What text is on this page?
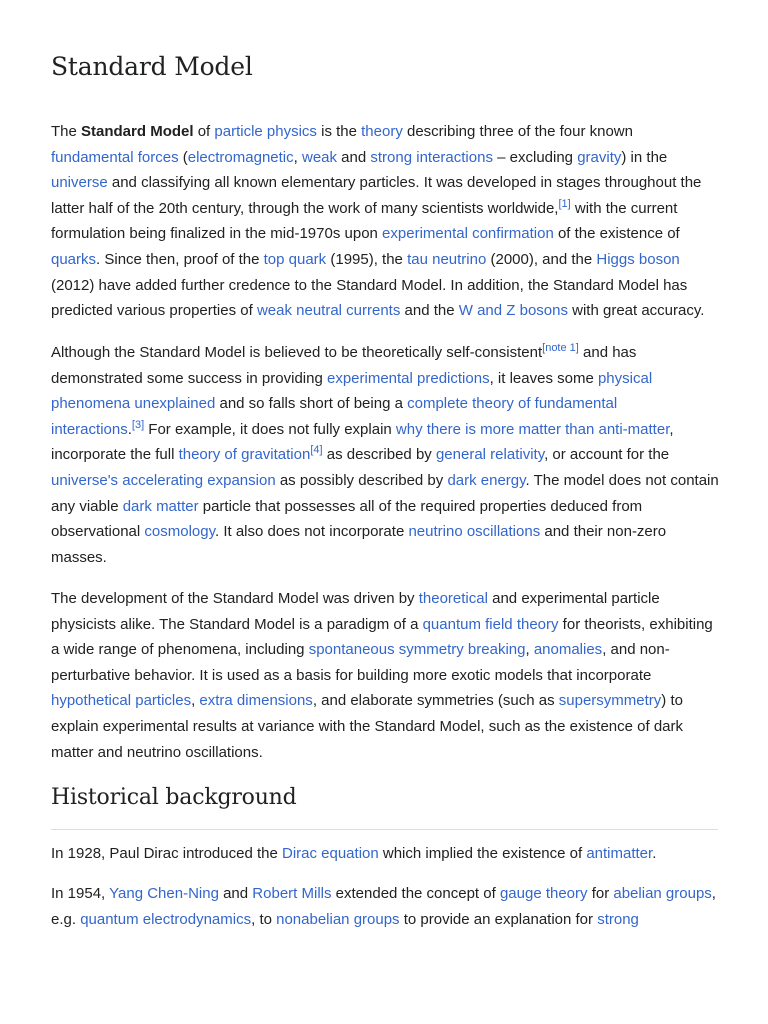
Standard Model
The Standard Model of particle physics is the theory describing three of the four known
fundamental forces (electromagnetic, weak and strong interactions – excluding gravity) in the
universe and classifying all known elementary particles. It was developed in stages throughout the
latter half of the 20th century, through the work of many scientists worldwide,[1] with the current
formulation being finalized in the mid-1970s upon experimental confirmation of the existence of
quarks. Since then, proof of the top quark (1995), the tau neutrino (2000), and the Higgs boson
(2012) have added further credence to the Standard Model. In addition, the Standard Model has
predicted various properties of weak neutral currents and the W and Z bosons with great accuracy.
Although the Standard Model is believed to be theoretically self-consistent[note 1] and has
demonstrated some success in providing experimental predictions, it leaves some physical
phenomena unexplained and so falls short of being a complete theory of fundamental
interactions.[3] For example, it does not fully explain why there is more matter than anti-matter,
incorporate the full theory of gravitation[4] as described by general relativity, or account for the
universe's accelerating expansion as possibly described by dark energy. The model does not contain
any viable dark matter particle that possesses all of the required properties deduced from
observational cosmology. It also does not incorporate neutrino oscillations and their non-zero
masses.
The development of the Standard Model was driven by theoretical and experimental particle
physicists alike. The Standard Model is a paradigm of a quantum field theory for theorists, exhibiting
a wide range of phenomena, including spontaneous symmetry breaking, anomalies, and non-
perturbative behavior. It is used as a basis for building more exotic models that incorporate
hypothetical particles, extra dimensions, and elaborate symmetries (such as supersymmetry) to
explain experimental results at variance with the Standard Model, such as the existence of dark
matter and neutrino oscillations.
Historical background
In 1928, Paul Dirac introduced the Dirac equation which implied the existence of antimatter.
In 1954, Yang Chen-Ning and Robert Mills extended the concept of gauge theory for abelian groups,
e.g. quantum electrodynamics, to nonabelian groups to provide an explanation for strong
